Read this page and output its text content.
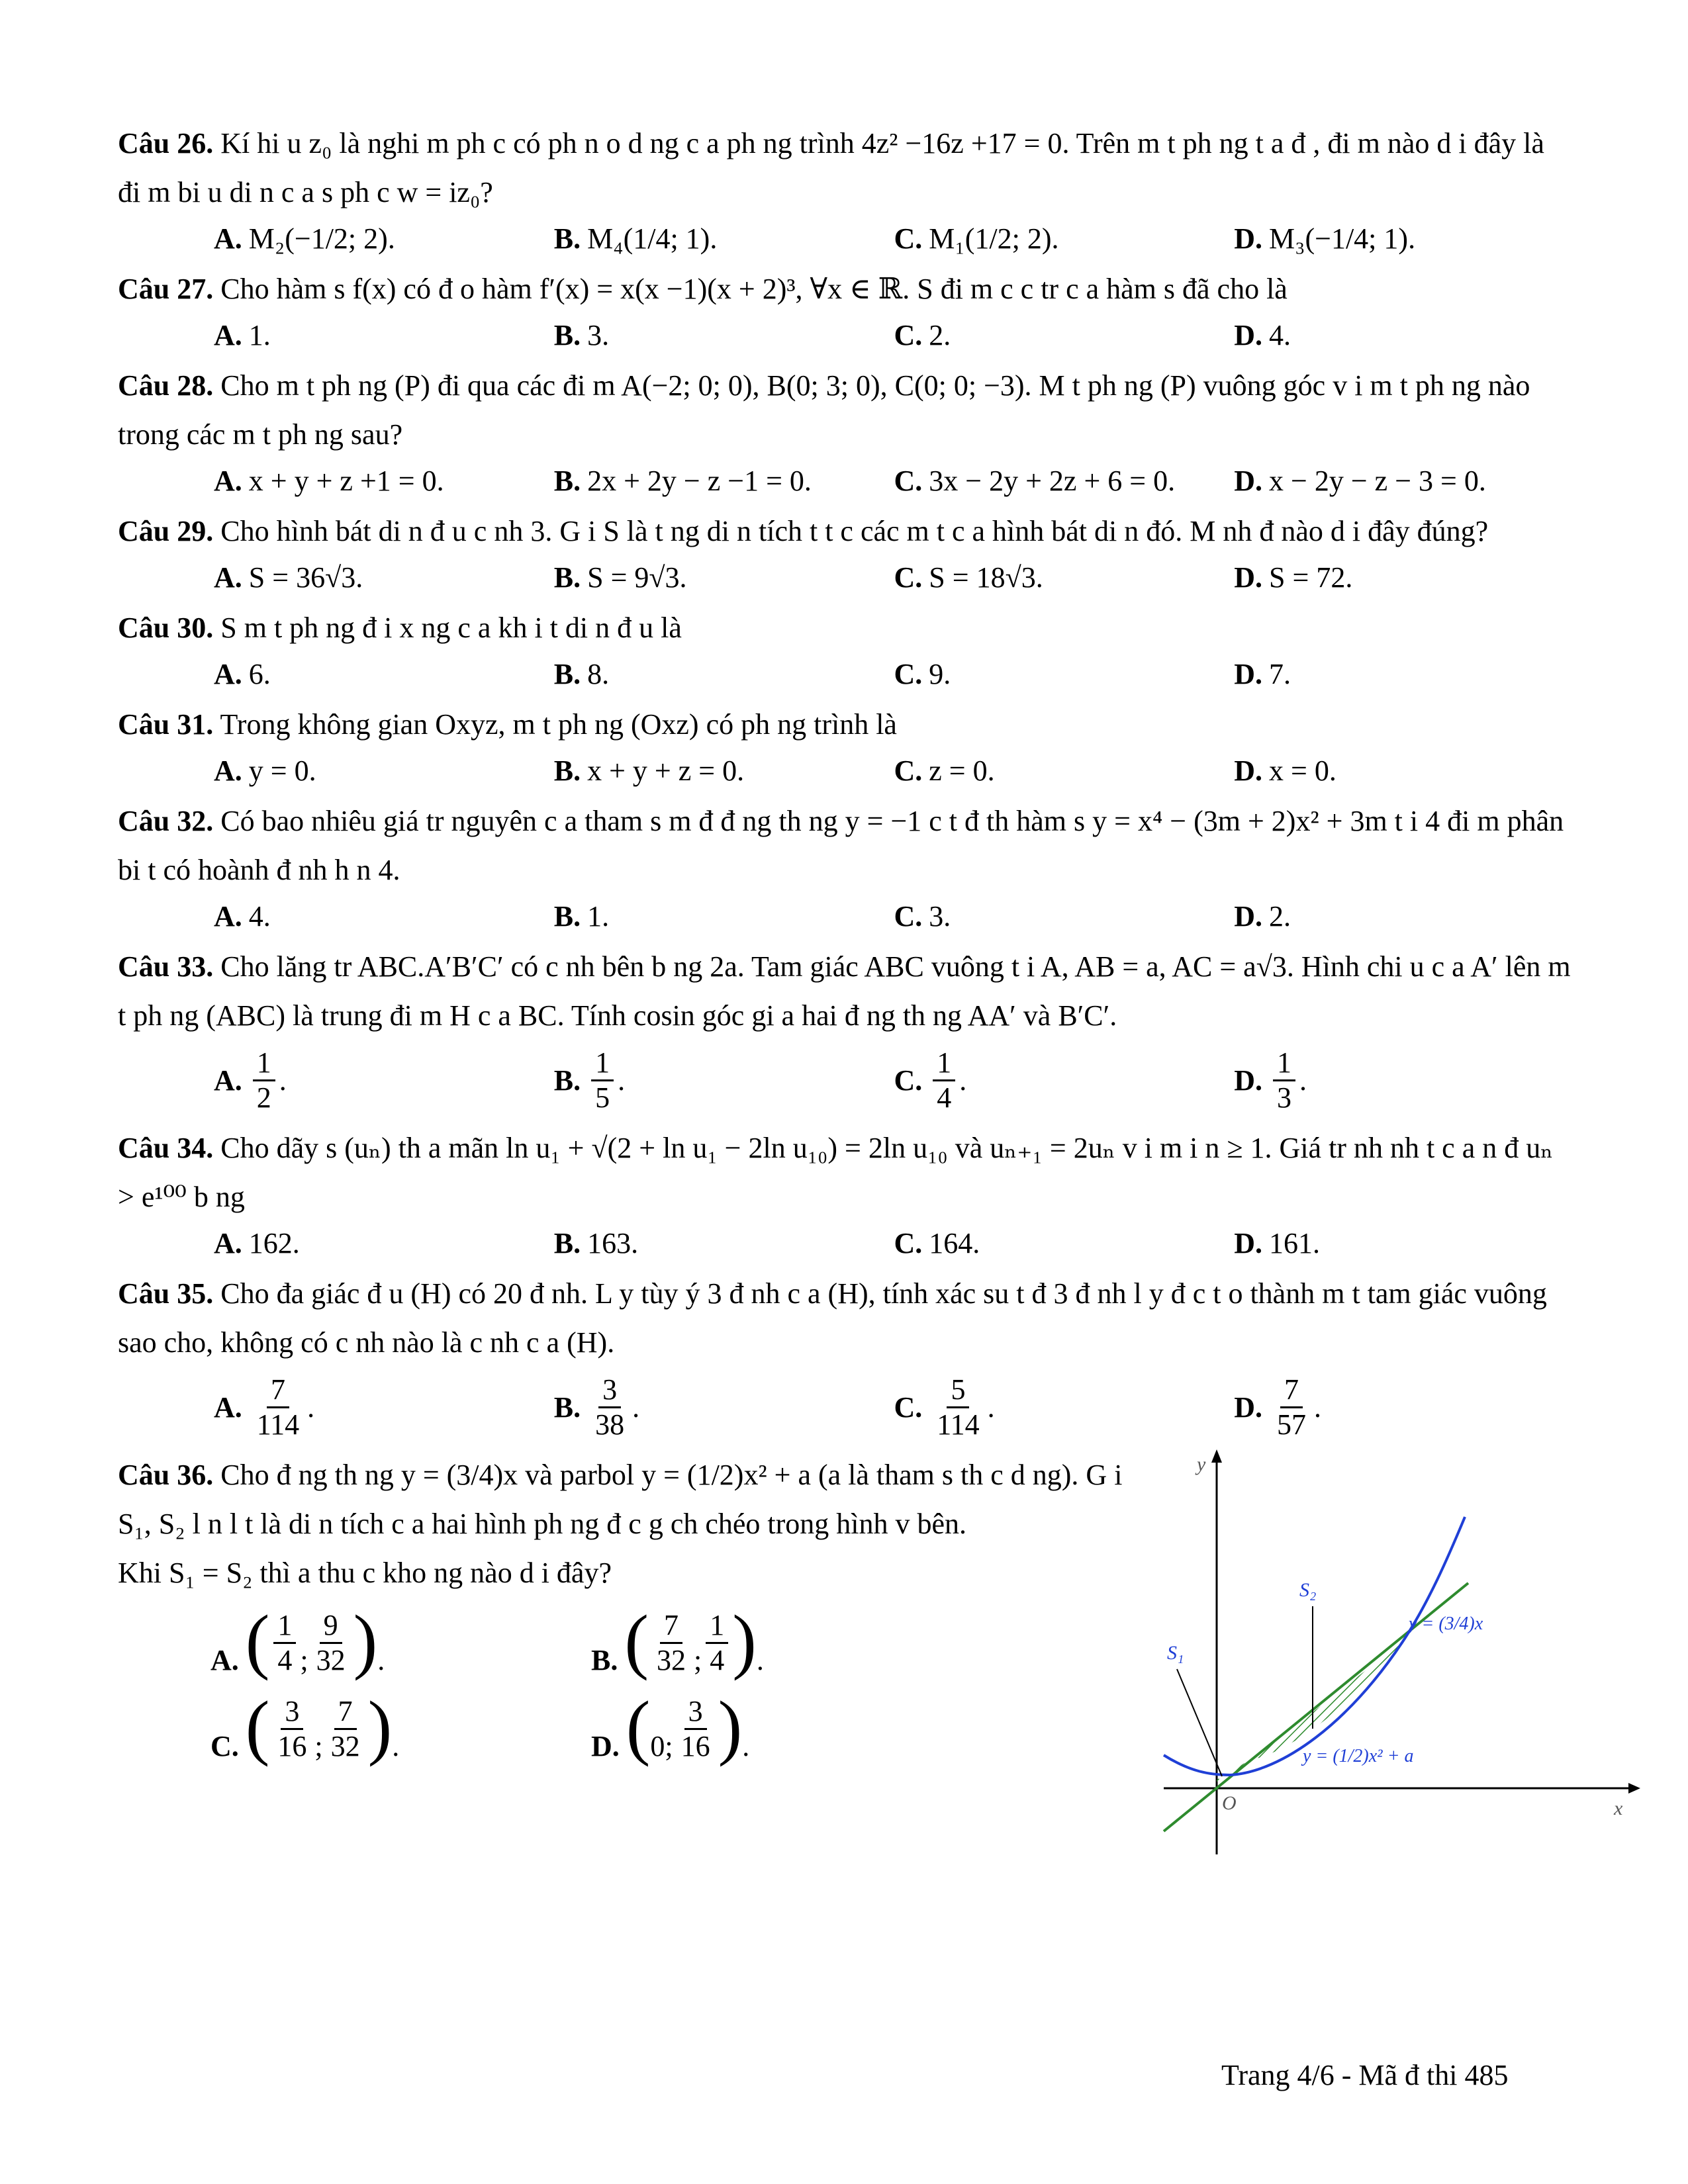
Câu 26. Kí hi u z₀ là nghi m ph c có ph n o d ng c a ph ng trình 4z² −16z +17 = 0. Trên m t ph ng t a đ , đi m nào d i đây là đi m bi u di n c a s ph c w = iz₀?
A. M₂(−1/2; 2).	B. M₄(1/4; 1).	C. M₁(1/2; 2).	D. M₃(−1/4; 1).
Câu 27. Cho hàm s f(x) có đ o hàm f′(x) = x(x −1)(x + 2)³, ∀x ∈ ℝ. S đi m c c tr c a hàm s đã cho là
A. 1.	B. 3.	C. 2.	D. 4.
Câu 28. Cho m t ph ng (P) đi qua các đi m A(−2; 0; 0), B(0; 3; 0), C(0; 0; −3). M t ph ng (P) vuông góc v i m t ph ng nào trong các m t ph ng sau?
A. x + y + z +1 = 0.	B. 2x + 2y − z −1 = 0.	C. 3x − 2y + 2z + 6 = 0.	D. x − 2y − z − 3 = 0.
Câu 29. Cho hình bát di n đ u c nh 3. G i S là t ng di n tích t t c các m t c a hình bát di n đó. M nh đ nào d i đây đúng?
A. S = 36√3.	B. S = 9√3.	C. S = 18√3.	D. S = 72.
Câu 30. S m t ph ng đ i x ng c a kh i t di n đ u là
A. 6.	B. 8.	C. 9.	D. 7.
Câu 31. Trong không gian Oxyz, m t ph ng (Oxz) có ph ng trình là
A. y = 0.	B. x + y + z = 0.	C. z = 0.	D. x = 0.
Câu 32. Có bao nhiêu giá tr nguyên c a tham s m đ đ ng th ng y = −1 c t đ th hàm s y = x⁴ − (3m + 2)x² + 3m t i 4 đi m phân bi t có hoành đ nh h n 4.
A. 4.	B. 1.	C. 3.	D. 2.
Câu 33. Cho lăng tr ABC.A′B′C′ có c nh bên b ng 2a. Tam giác ABC vuông t i A, AB = a, AC = a√3. Hình chi u c a A′ lên m t ph ng (ABC) là trung đi m H c a BC. Tính cosin góc gi a hai đ ng th ng AA′ và B′C′.
A. $\frac{1}{2}$ .	B. $\frac{1}{5}$ .	C. $\frac{1}{4}$ .	D. $\frac{1}{3}$ .
Câu 34. Cho dãy s (uₙ) th a mãn ln u₁ + √(2 + ln u₁ − 2ln u₁₀) = 2ln u₁₀ và uₙ₊₁ = 2uₙ v i m i n ≥ 1. Giá tr nh nh t c a n đ uₙ > e¹⁰⁰ b ng
A. 162.	B. 163.	C. 164.	D. 161.
Câu 35. Cho đa giác đ u (H) có 20 đ nh. L y tùy ý 3 đ nh c a (H), tính xác su t đ 3 đ nh l y đ c t o thành m t tam giác vuông sao cho, không có c nh nào là c nh c a (H).
A. $\frac{7}{114}$ .	B. $\frac{3}{38}$ .	C. $\frac{5}{114}$ .	D. $\frac{7}{57}$ .
Câu 36. Cho đ ng th ng y = (3/4)x và parbol y = (1/2)x² + a (a là tham s th c d ng). G i S₁, S₂ l n l t là di n tích c a hai hình ph ng đ c g ch chéo trong hình v bên.
Khi S₁ = S₂ thì a thu c kho ng nào d i đây?
A. ( $\frac{1}{4}$ ; $\frac{9}{32}$ ) .	B. ( $\frac{7}{32}$ ; $\frac{1}{4}$ ) .
C. ( $\frac{3}{16}$ ; $\frac{7}{32}$ ) .	D. ( 0; $\frac{3}{16}$ ) .
x
y
O
S₁
S₂
y = (3/4)x
y = (1/2)x² + a
Trang 4/6 - Mã đ thi 485
